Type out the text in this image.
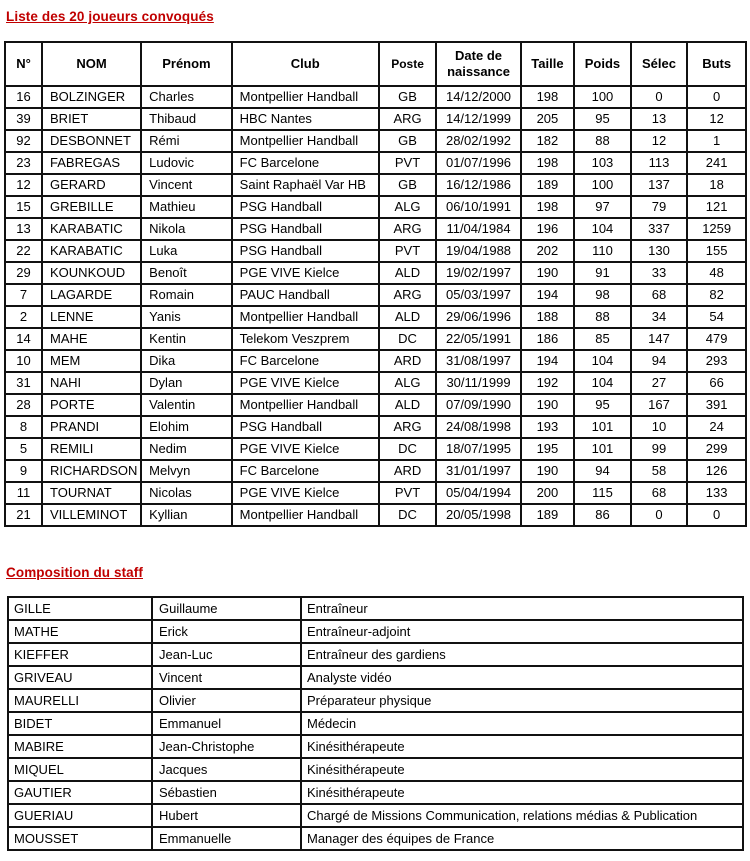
Liste des 20 joueurs convoqués
N°	NOM	Prénom	Club	Poste	Date de
naissance	Taille	Poids	Sélec	Buts
16	BOLZINGER	Charles	Montpellier Handball	GB	14/12/2000	198	100	0	0
39	BRIET	Thibaud	HBC Nantes	ARG	14/12/1999	205	95	13	12
92	DESBONNET	Rémi	Montpellier Handball	GB	28/02/1992	182	88	12	1
23	FABREGAS	Ludovic	FC Barcelone	PVT	01/07/1996	198	103	113	241
12	GERARD	Vincent	Saint Raphaël Var HB	GB	16/12/1986	189	100	137	18
15	GREBILLE	Mathieu	PSG Handball	ALG	06/10/1991	198	97	79	121
13	KARABATIC	Nikola	PSG Handball	ARG	11/04/1984	196	104	337	1259
22	KARABATIC	Luka	PSG Handball	PVT	19/04/1988	202	110	130	155
29	KOUNKOUD	Benoît	PGE VIVE Kielce	ALD	19/02/1997	190	91	33	48
7	LAGARDE	Romain	PAUC Handball	ARG	05/03/1997	194	98	68	82
2	LENNE	Yanis	Montpellier Handball	ALD	29/06/1996	188	88	34	54
14	MAHE	Kentin	Telekom Veszprem	DC	22/05/1991	186	85	147	479
10	MEM	Dika	FC Barcelone	ARD	31/08/1997	194	104	94	293
31	NAHI	Dylan	PGE VIVE Kielce	ALG	30/11/1999	192	104	27	66
28	PORTE	Valentin	Montpellier Handball	ALD	07/09/1990	190	95	167	391
8	PRANDI	Elohim	PSG Handball	ARG	24/08/1998	193	101	10	24
5	REMILI	Nedim	PGE VIVE Kielce	DC	18/07/1995	195	101	99	299
9	RICHARDSON	Melvyn	FC Barcelone	ARD	31/01/1997	190	94	58	126
11	TOURNAT	Nicolas	PGE VIVE Kielce	PVT	05/04/1994	200	115	68	133
21	VILLEMINOT	Kyllian	Montpellier Handball	DC	20/05/1998	189	86	0	0
Composition du staff
GILLE	Guillaume	Entraîneur
MATHE	Erick	Entraîneur-adjoint
KIEFFER	Jean-Luc	Entraîneur des gardiens
GRIVEAU	Vincent	Analyste vidéo
MAURELLI	Olivier	Préparateur physique
BIDET	Emmanuel	Médecin
MABIRE	Jean-Christophe	Kinésithérapeute
MIQUEL	Jacques	Kinésithérapeute
GAUTIER	Sébastien	Kinésithérapeute
GUERIAU	Hubert	Chargé de Missions Communication, relations médias & Publication
MOUSSET	Emmanuelle	Manager des équipes de France
